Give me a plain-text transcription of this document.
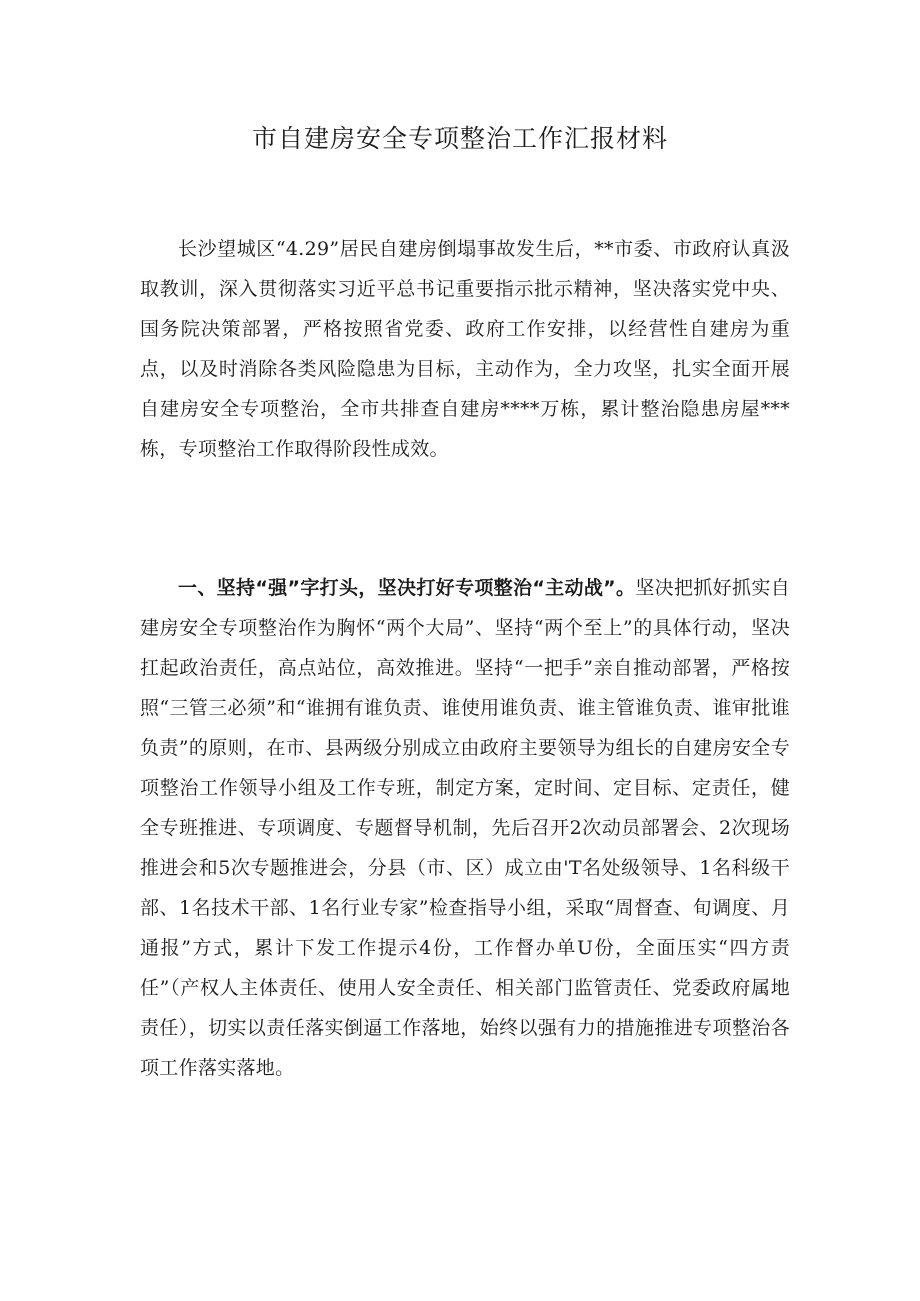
市自建房安全专项整治工作汇报材料

长沙望城区“4.29”居民自建房倒塌事故发生后，**市委、市政府认真汲取教训，深入贯彻落实习近平总书记重要指示批示精神，坚决落实党中央、国务院决策部署，严格按照省党委、政府工作安排，以经营性自建房为重点，以及时消除各类风险隐患为目标，主动作为，全力攻坚，扎实全面开展自建房安全专项整治，全市共排查自建房****万栋，累计整治隐患房屋***栋，专项整治工作取得阶段性成效。

一、坚持“强”字打头，坚决打好专项整治“主动战”。坚决把抓好抓实自建房安全专项整治作为胸怀“两个大局”、坚持“两个至上”的具体行动，坚决扛起政治责任，高点站位，高效推进。坚持“一把手”亲自推动部署，严格按照“三管三必须”和“谁拥有谁负责、谁使用谁负责、谁主管谁负责、谁审批谁负责”的原则，在市、县两级分别成立由政府主要领导为组长的自建房安全专项整治工作领导小组及工作专班，制定方案，定时间、定目标、定责任，健全专班推进、专项调度、专题督导机制，先后召开2次动员部署会、2次现场推进会和5次专题推进会，分县（市、区）成立由'T名处级领导、1名科级干部、1名技术干部、1名行业专家”检查指导小组，采取“周督查、旬调度、月通报”方式，累计下发工作提示4份，工作督办单U份，全面压实“四方责任”（产权人主体责任、使用人安全责任、相关部门监管责任、党委政府属地责任），切实以责任落实倒逼工作落地，始终以强有力的措施推进专项整治各项工作落实落地。
